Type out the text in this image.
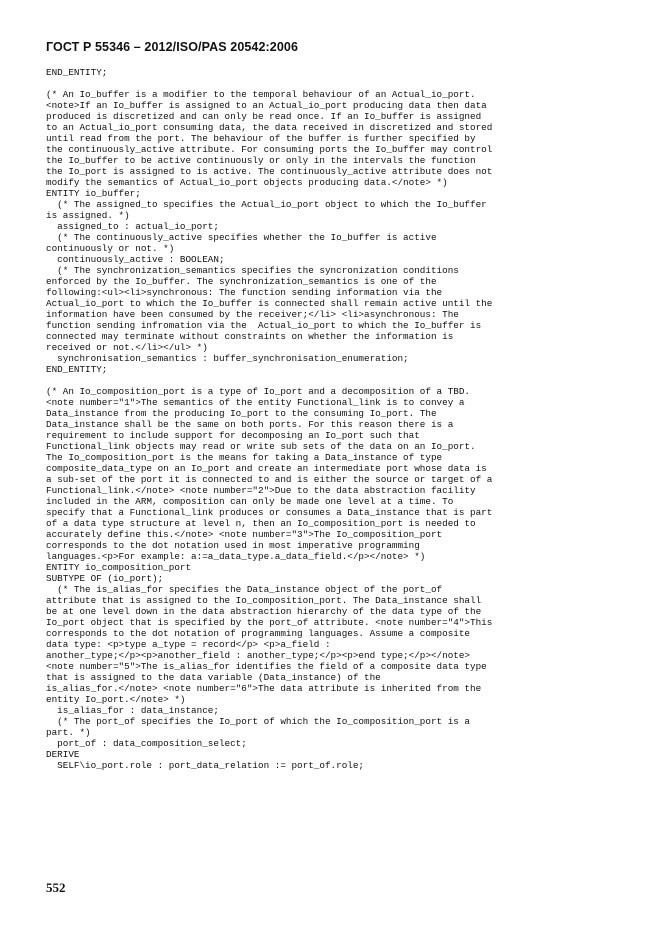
ГОСТ Р 55346 – 2012/ISO/PAS 20542:2006
END_ENTITY;
(* An Io_buffer is a modifier to the temporal behaviour of an Actual_io_port.
<note>If an Io_buffer is assigned to an Actual_io_port producing data then data
produced is discretized and can only be read once. If an Io_buffer is assigned
to an Actual_io_port consuming data, the data received in discretized and stored
until read from the port. The behaviour of the buffer is further specified by
the continuously_active attribute. For consuming ports the Io_buffer may control
the Io_buffer to be active continuously or only in the intervals the function
the Io_port is assigned to is active. The continuously_active attribute does not
modify the semantics of Actual_io_port objects producing data.</note> *)
ENTITY io_buffer;
(* The assigned_to specifies the Actual_io_port object to which the Io_buffer
is assigned. *)
assigned_to : actual_io_port;
(* The continuously_active specifies whether the Io_buffer is active
continuously or not. *)
continuously_active : BOOLEAN;
(* The synchronization_semantics specifies the syncronization conditions
enforced by the Io_buffer. The synchronization_semantics is one of the
following:<ul><li>synchronous: The function sending information via the
Actual_io_port to which the Io_buffer is connected shall remain active until the
information have been consumed by the receiver;</li> <li>asynchronous: The
function sending infromation via the  Actual_io_port to which the Io_buffer is
connected may terminate without constraints on whether the information is
received or not.</li></ul> *)
synchronisation_semantics : buffer_synchronisation_enumeration;
END_ENTITY;
(* An Io_composition_port is a type of Io_port and a decomposition of a TBD.
<note number="1">The semantics of the entity Functional_link is to convey a
Data_instance from the producing Io_port to the consuming Io_port. The
Data_instance shall be the same on both ports. For this reason there is a
requirement to include support for decomposing an Io_port such that
Functional_link objects may read or write sub sets of the data on an Io_port.
The Io_composition_port is the means for taking a Data_instance of type
composite_data_type on an Io_port and create an intermediate port whose data is
a sub-set of the port it is connected to and is either the source or target of a
Functional_link.</note> <note number="2">Due to the data abstraction facility
included in the ARM, composition can only be made one level at a time. To
specify that a Functional_link produces or consumes a Data_instance that is part
of a data type structure at level n, then an Io_composition_port is needed to
accurately define this.</note> <note number="3">The Io_composition_port
corresponds to the dot notation used in most imperative programming
languages.<p>For example: a:=a_data_type.a_data_field.</p></note> *)
ENTITY io_composition_port
SUBTYPE OF (io_port);
(* The is_alias_for specifies the Data_instance object of the port_of
attribute that is assigned to the Io_composition_port. The Data_instance shall
be at one level down in the data abstraction hierarchy of the data type of the
Io_port object that is specified by the port_of attribute. <note number="4">This
corresponds to the dot notation of programming languages. Assume a composite
data type: <p>type a_type = record</p> <p>a_field :
another_type;</p><p>another_field : another_type;</p><p>end type;</p></note>
<note number="5">The is_alias_for identifies the field of a composite data type
that is assigned to the data variable (Data_instance) of the
is_alias_for.</note> <note number="6">The data attribute is inherited from the
entity Io_port.</note> *)
is_alias_for : data_instance;
(* The port_of specifies the Io_port of which the Io_composition_port is a
part. *)
port_of : data_composition_select;
DERIVE
SELF\io_port.role : port_data_relation := port_of.role;
552
